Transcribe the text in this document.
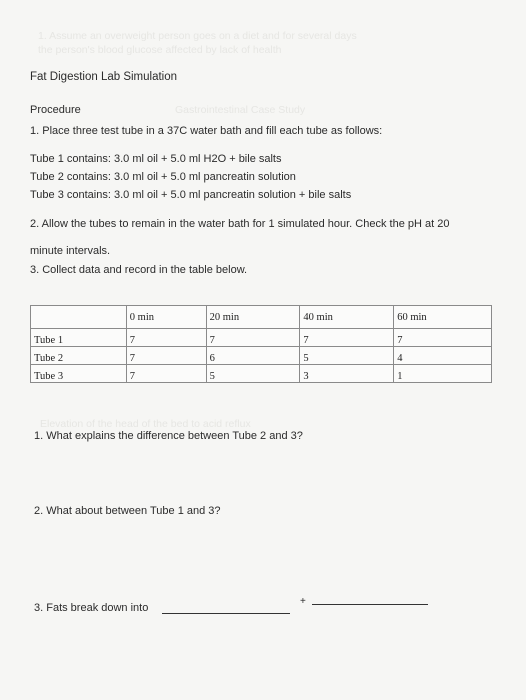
1. Assume an overweight person goes on a diet and for several days
the person's blood glucose affected by lack of health
Gastrointestinal Case Study
Elevation of the head of the bed to acid reflux
Fat Digestion Lab Simulation
Procedure
1. Place three test tube in a 37C water bath and fill each tube as follows:
Tube 1 contains: 3.0 ml oil + 5.0 ml H2O + bile salts
Tube 2 contains: 3.0 ml oil + 5.0 ml pancreatin solution
Tube 3 contains: 3.0 ml oil + 5.0 ml pancreatin solution + bile salts
2. Allow the tubes to remain in the water bath for 1 simulated hour. Check the pH at 20
minute intervals.
3. Collect data and record in the table below.
	0 min	20 min	40 min	60 min
Tube 1	7	7	7	7
Tube 2	7	6	5	4
Tube 3	7	5	3	1
1. What explains the difference between Tube 2 and 3?
2. What about between Tube 1 and 3?
3. Fats break down into
+
